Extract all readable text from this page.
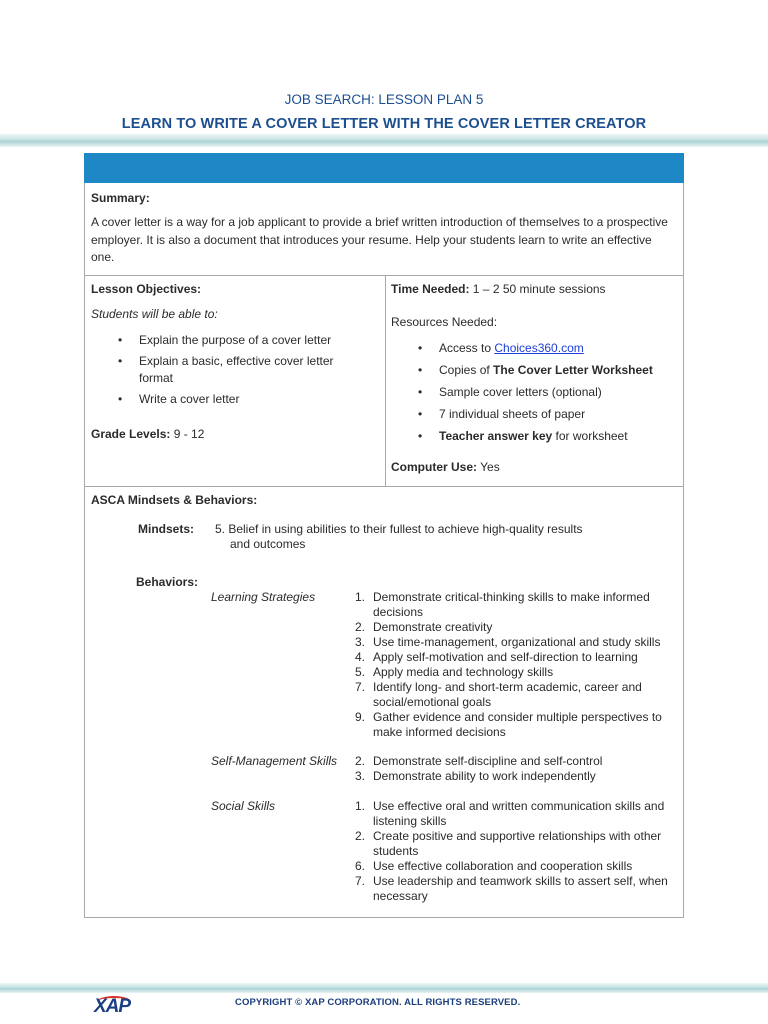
JOB SEARCH: LESSON PLAN 5
LEARN TO WRITE A COVER LETTER WITH THE COVER LETTER CREATOR
Summary:
A cover letter is a way for a job applicant to provide a brief written introduction of themselves to a prospective employer. It is also a document that introduces your resume. Help your students learn to write an effective one.
Lesson Objectives:
Students will be able to:
• Explain the purpose of a cover letter
• Explain a basic, effective cover letter format
• Write a cover letter
Grade Levels: 9 - 12
Time Needed: 1 – 2 50 minute sessions
Resources Needed:
• Access to Choices360.com
• Copies of The Cover Letter Worksheet
• Sample cover letters (optional)
• 7 individual sheets of paper
• Teacher answer key for worksheet
Computer Use: Yes
ASCA Mindsets & Behaviors:
Mindsets: 5. Belief in using abilities to their fullest to achieve high-quality results
and outcomes
Behaviors:
Learning Strategies	1. Demonstrate critical-thinking skills to make informed decisions
2. Demonstrate creativity
3. Use time-management, organizational and study skills
4. Apply self-motivation and self-direction to learning
5. Apply media and technology skills
7. Identify long- and short-term academic, career and social/emotional goals
9. Gather evidence and consider multiple perspectives to make informed decisions
Self-Management Skills 2. Demonstrate self-discipline and self-control
3. Demonstrate ability to work independently
Social Skills	1. Use effective oral and written communication skills and listening skills
2. Create positive and supportive relationships with other students
6. Use effective collaboration and cooperation skills
7. Use leadership and teamwork skills to assert self, when necessary
XAP	COPYRIGHT © XAP CORPORATION. ALL RIGHTS RESERVED.
